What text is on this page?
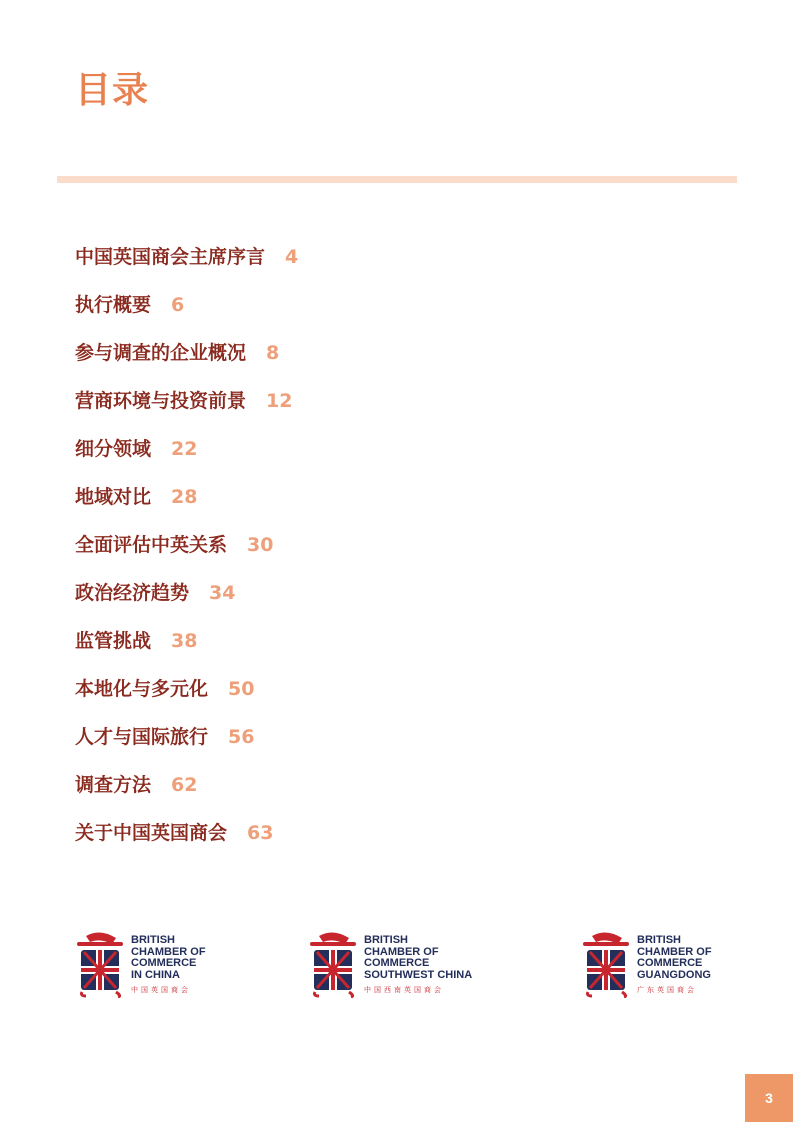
目录
中国英国商会主席序言 4
执行概要 6
参与调查的企业概况 8
营商环境与投资前景 12
细分领域 22
地域对比 28
全面评估中英关系 30
政治经济趋势 34
监管挑战 38
本地化与多元化 50
人才与国际旅行 56
调查方法 62
关于中国英国商会 63
BRITISH
CHAMBER OF
COMMERCE
IN CHINA
中国英国商会
BRITISH
CHAMBER OF
COMMERCE
SOUTHWEST CHINA
中国西南英国商会
BRITISH
CHAMBER OF
COMMERCE
GUANGDONG
广东英国商会
3
